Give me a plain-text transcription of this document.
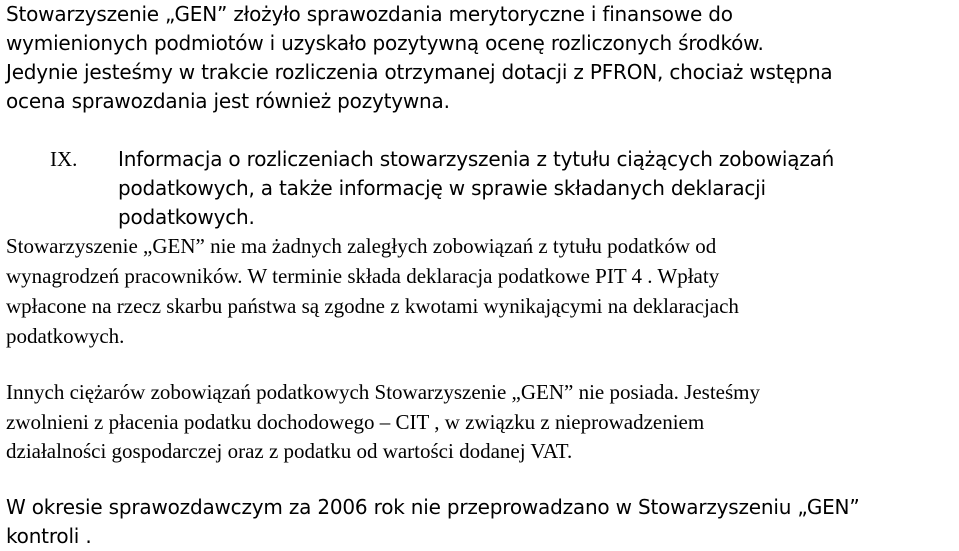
Stowarzyszenie „GEN” złożyło sprawozdania merytoryczne i finansowe do
wymienionych podmiotów i uzyskało pozytywną ocenę rozliczonych środków.
Jedynie jesteśmy w trakcie rozliczenia otrzymanej dotacji z PFRON, chociaż wstępna
ocena sprawozdania jest również pozytywna.
IX. Informacja o rozliczeniach stowarzyszenia z tytułu ciążących zobowiązań
podatkowych, a także informację w sprawie składanych deklaracji
podatkowych.
Stowarzyszenie „GEN” nie ma żadnych zaległych zobowiązań z tytułu podatków od
wynagrodzeń pracowników. W terminie składa deklaracja podatkowe PIT 4 . Wpłaty
wpłacone na rzecz skarbu państwa są zgodne z kwotami wynikającymi na deklaracjach
podatkowych.
Innych ciężarów zobowiązań podatkowych Stowarzyszenie „GEN” nie posiada. Jesteśmy
zwolnieni z płacenia podatku dochodowego – CIT , w związku z nieprowadzeniem
działalności gospodarczej oraz z podatku od wartości dodanej VAT.
W okresie sprawozdawczym za 2006 rok nie przeprowadzano w Stowarzyszeniu „GEN”
kontroli .
